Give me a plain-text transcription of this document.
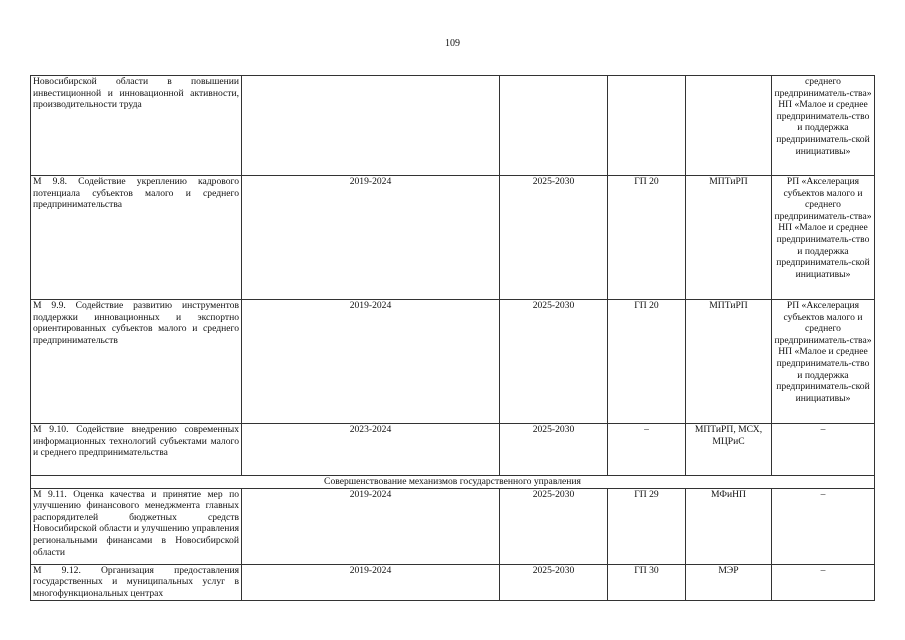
109
Новосибирской области в повышении инвестиционной и инновационной активности, производительности труда					среднего предприниматель-ства» НП «Малое и среднее предприниматель-ство и поддержка предприниматель-ской инициативы»
М 9.8. Содействие укреплению кадрового потенциала субъектов малого и среднего предпринимательства	2019-2024	2025-2030	ГП 20	МПТиРП	РП «Акселерация субъектов малого и среднего предприниматель-ства» НП «Малое и среднее предприниматель-ство и поддержка предприниматель-ской инициативы»
М 9.9. Содействие развитию инструментов поддержки инновационных и экспортно ориентированных субъектов малого и среднего предпринимательств	2019-2024	2025-2030	ГП 20	МПТиРП	РП «Акселерация субъектов малого и среднего предприниматель-ства» НП «Малое и среднее предприниматель-ство и поддержка предприниматель-ской инициативы»
М 9.10. Содействие внедрению современных информационных технологий субъектами малого и среднего предпринимательства	2023-2024	2025-2030	–	МПТиРП, МСХ, МЦРиС	–
Совершенствование механизмов государственного управления					
М 9.11. Оценка качества и принятие мер по улучшению финансового менеджмента главных распорядителей бюджетных средств Новосибирской области и улучшению управления региональными финансами в Новосибирской области	2019-2024	2025-2030	ГП 29	МФиНП	–

М 9.12. Организация предоставления государственных и муниципальных услуг в многофункциональных центрах	2019-2024	2025-2030	ГП 30	МЭР	–
